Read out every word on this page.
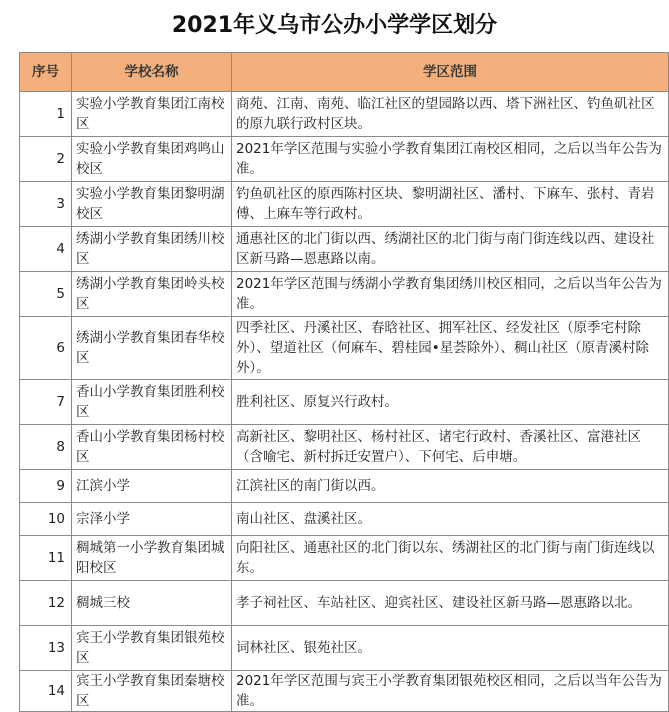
2021年义乌市公办小学学区划分
序号	学校名称	学区范围
1	实验小学教育集团江南校区	商苑、江南、南苑、临江社区的望园路以西、塔下洲社区、钓鱼矶社区的原九联行政村区块。
2	实验小学教育集团鸡鸣山校区	2021年学区范围与实验小学教育集团江南校区相同，之后以当年公告为准。
3	实验小学教育集团黎明湖校区	钓鱼矶社区的原西陈村区块、黎明湖社区、潘村、下麻车、张村、青岩傅、上麻车等行政村。
4	绣湖小学教育集团绣川校区	通惠社区的北门街以西、绣湖社区的北门街与南门街连线以西、建设社区新马路—恩惠路以南。
5	绣湖小学教育集团岭头校区	2021年学区范围与绣湖小学教育集团绣川校区相同，之后以当年公告为准。
6	绣湖小学教育集团春华校区	四季社区、丹溪社区、春晗社区、拥军社区、经发社区（原季宅村除外）、望道社区（何麻车、碧桂园•星荟除外）、稠山社区（原青溪村除外）。
7	香山小学教育集团胜利校区	胜利社区、原复兴行政村。
8	香山小学教育集团杨村校区	高新社区、黎明社区、杨村社区、诸宅行政村、香溪社区、富港社区（含喻宅、新村拆迁安置户）、下何宅、后申塘。
9	江滨小学	江滨社区的南门街以西。
10	宗泽小学	南山社区、盘溪社区。
11	稠城第一小学教育集团城阳校区	向阳社区、通惠社区的北门街以东、绣湖社区的北门街与南门街连线以东。
12	稠城三校	孝子祠社区、车站社区、迎宾社区、建设社区新马路—恩惠路以北。
13	宾王小学教育集团银苑校区	词林社区、银苑社区。
14	宾王小学教育集团秦塘校区	2021年学区范围与宾王小学教育集团银苑校区相同，之后以当年公告为准。
